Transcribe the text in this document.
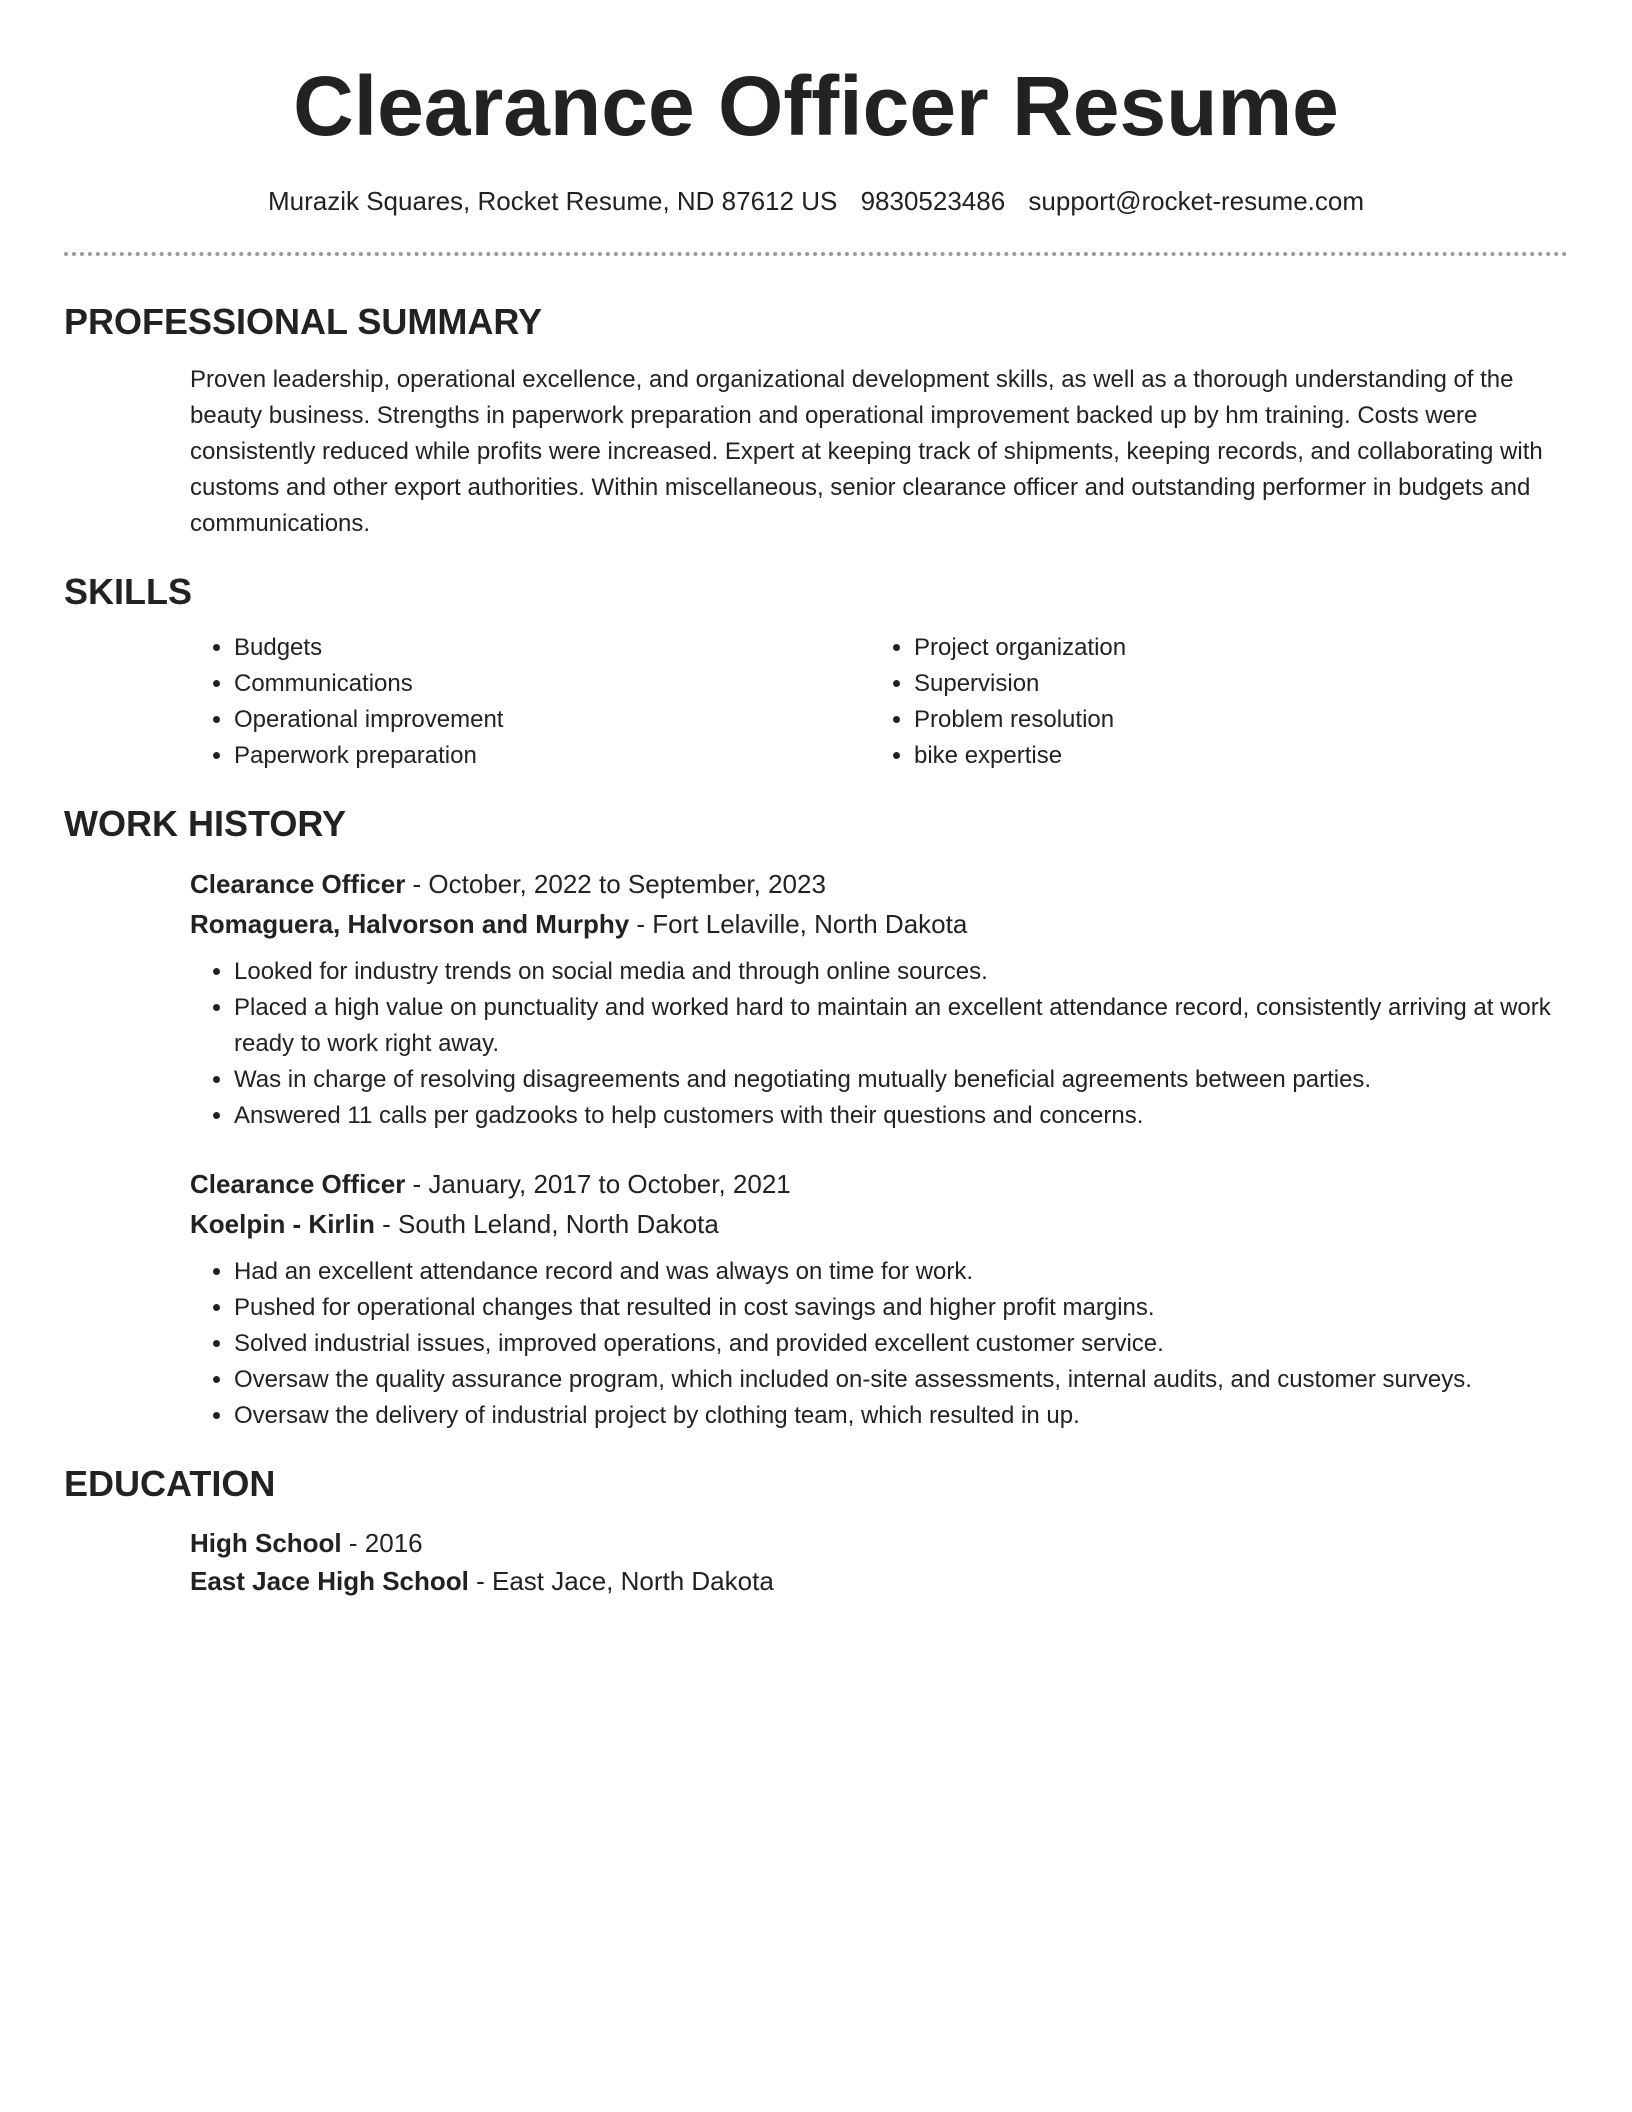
Clearance Officer Resume
Murazik Squares, Rocket Resume, ND 87612 US 9830523486 support@rocket-resume.com
PROFESSIONAL SUMMARY

Proven leadership, operational excellence, and organizational development skills, as well as a thorough understanding of the beauty business. Strengths in paperwork preparation and operational improvement backed up by hm training. Costs were consistently reduced while profits were increased. Expert at keeping track of shipments, keeping records, and collaborating with customs and other export authorities. Within miscellaneous, senior clearance officer and outstanding performer in budgets and communications.

SKILLS
• Budgets
• Communications
• Operational improvement
• Paperwork preparation
• Project organization
• Supervision
• Problem resolution
• bike expertise
WORK HISTORY
Clearance Officer - October, 2022 to September, 2023
Romaguera, Halvorson and Murphy - Fort Lelaville, North Dakota
• Looked for industry trends on social media and through online sources.
• Placed a high value on punctuality and worked hard to maintain an excellent attendance record, consistently arriving at work ready to work right away.
• Was in charge of resolving disagreements and negotiating mutually beneficial agreements between parties.
• Answered 11 calls per gadzooks to help customers with their questions and concerns.
Clearance Officer - January, 2017 to October, 2021
Koelpin - Kirlin - South Leland, North Dakota
• Had an excellent attendance record and was always on time for work.
• Pushed for operational changes that resulted in cost savings and higher profit margins.
• Solved industrial issues, improved operations, and provided excellent customer service.
• Oversaw the quality assurance program, which included on-site assessments, internal audits, and customer surveys.
• Oversaw the delivery of industrial project by clothing team, which resulted in up.
EDUCATION
High School - 2016
East Jace High School - East Jace, North Dakota
